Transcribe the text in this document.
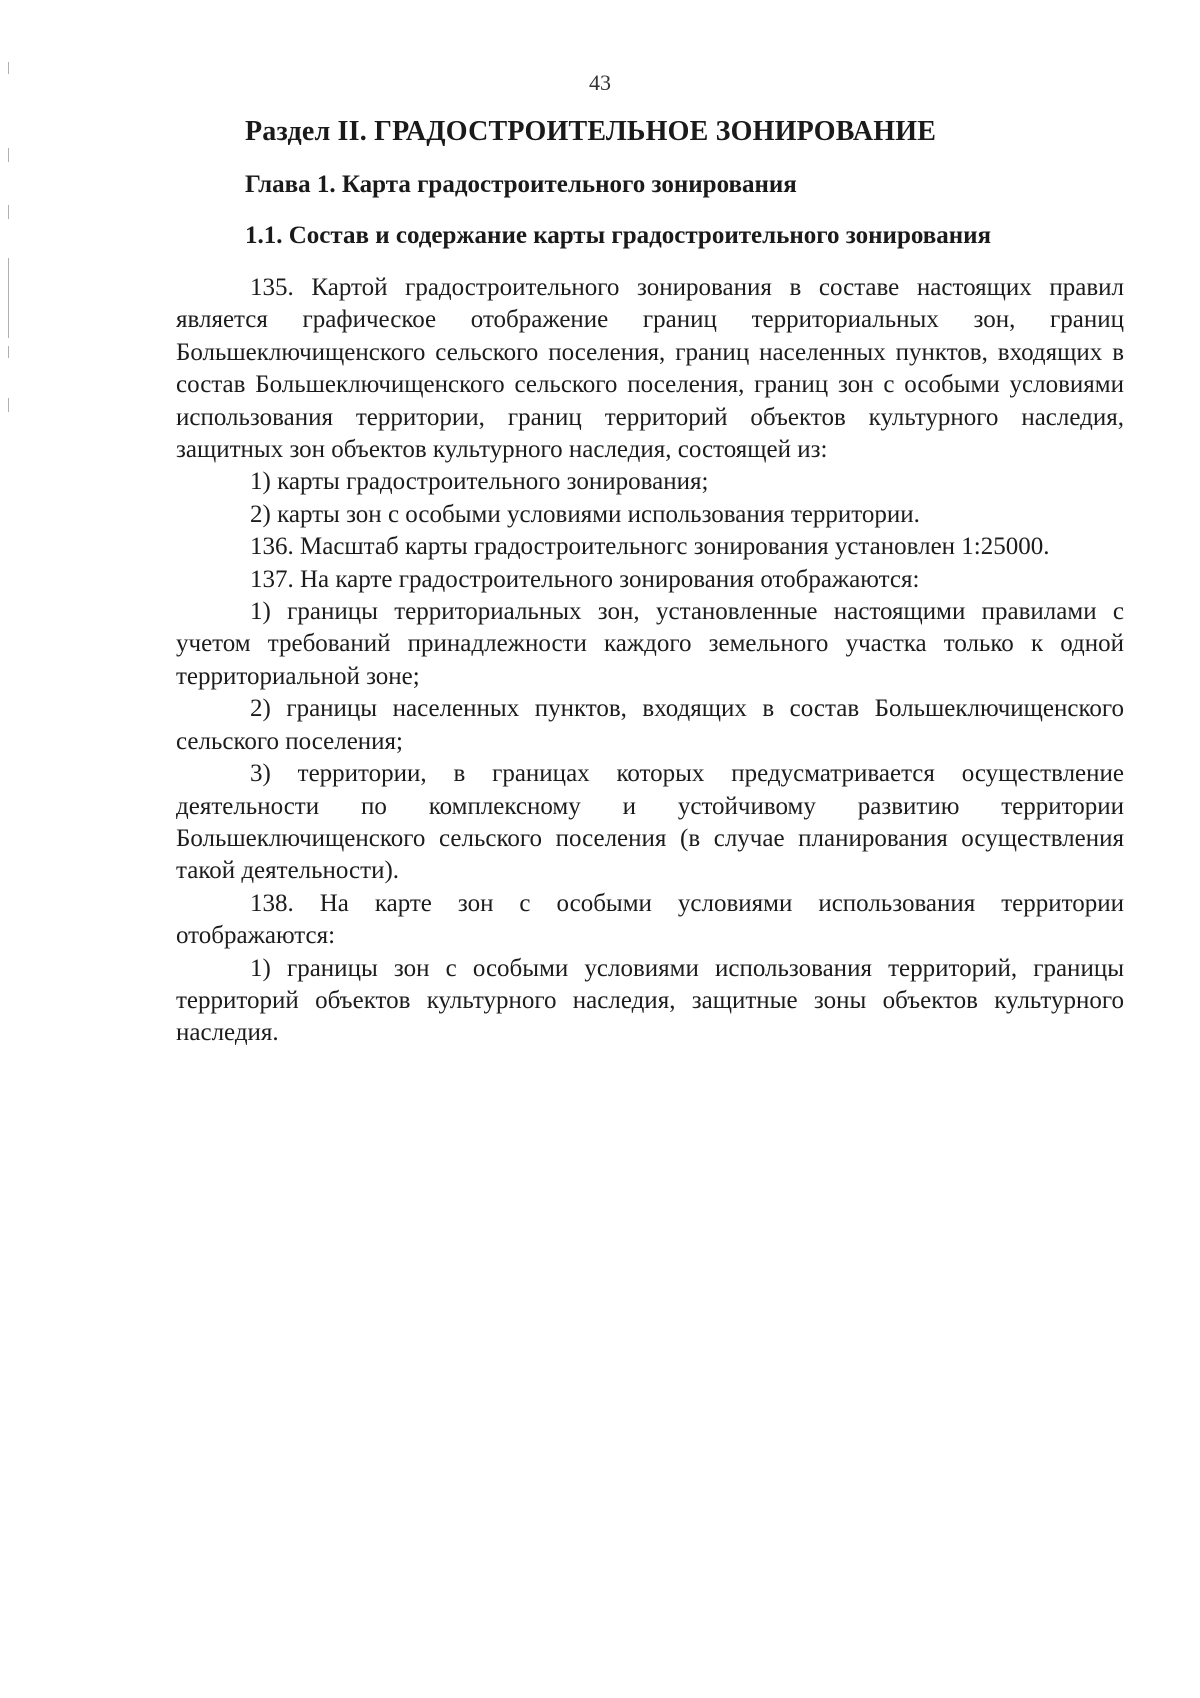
43
Раздел II. ГРАДОСТРОИТЕЛЬНОЕ ЗОНИРОВАНИЕ
Глава 1. Карта градостроительного зонирования
1.1. Состав и содержание карты градостроительного зонирования

135. Картой градостроительного зонирования в составе настоящих правил является графическое отображение границ территориальных зон, границ Большеключищенского сельского поселения, границ населенных пунктов, входящих в состав Большеключищенского сельского поселения, границ зон с особыми условиями использования территории, границ территорий объектов культурного наследия, защитных зон объектов культурного наследия, состоящей из:

1) карты градостроительного зонирования;

2) карты зон с особыми условиями использования территории.

136. Масштаб карты градостроительногс зонирования установлен 1:25000.

137. На карте градостроительного зонирования отображаются:

1) границы территориальных зон, установленные настоящими правилами с учетом требований принадлежности каждого земельного участка только к одной территориальной зоне;

2) границы населенных пунктов, входящих в состав Большеключищенского сельского поселения;

3) территории, в границах которых предусматривается осуществление деятельности по комплексному и устойчивому развитию территории Большеключищенского сельского поселения (в случае планирования осуществления такой деятельности).

138. На карте зон с особыми условиями использования территории отображаются:

1) границы зон с особыми условиями использования территорий, границы территорий объектов культурного наследия, защитные зоны объектов культурного наследия.
